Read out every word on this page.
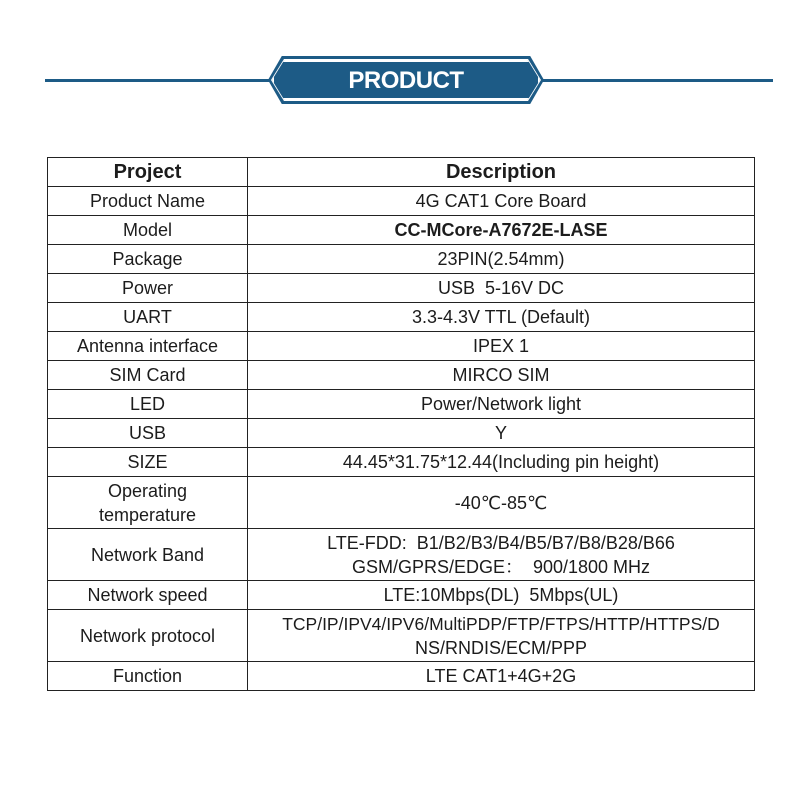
PRODUCT PARAMETERS
Project	Description
Product Name	4G CAT1 Core Board
Model	CC-MCore-A7672E-LASE
Package	23PIN(2.54mm)
Power	USB  5-16V DC
UART	3.3-4.3V TTL (Default)
Antenna interface	IPEX 1
SIM Card	MIRCO SIM
LED	Power/Network light
USB	Y
SIZE	44.45*31.75*12.44(Including pin height)
Operating temperature	-40℃-85℃
Network Band	LTE-FDD:  B1/B2/B3/B4/B5/B7/B8/B28/B66
GSM/GPRS/EDGE：  900/1800 MHz

Network speed	LTE:10Mbps(DL)  5Mbps(UL)
Network protocol	TCP/IP/IPV4/IPV6/MultiPDP/FTP/FTPS/HTTP/HTTPS/D
NS/RNDIS/ECM/PPP

Function	LTE CAT1+4G+2G
